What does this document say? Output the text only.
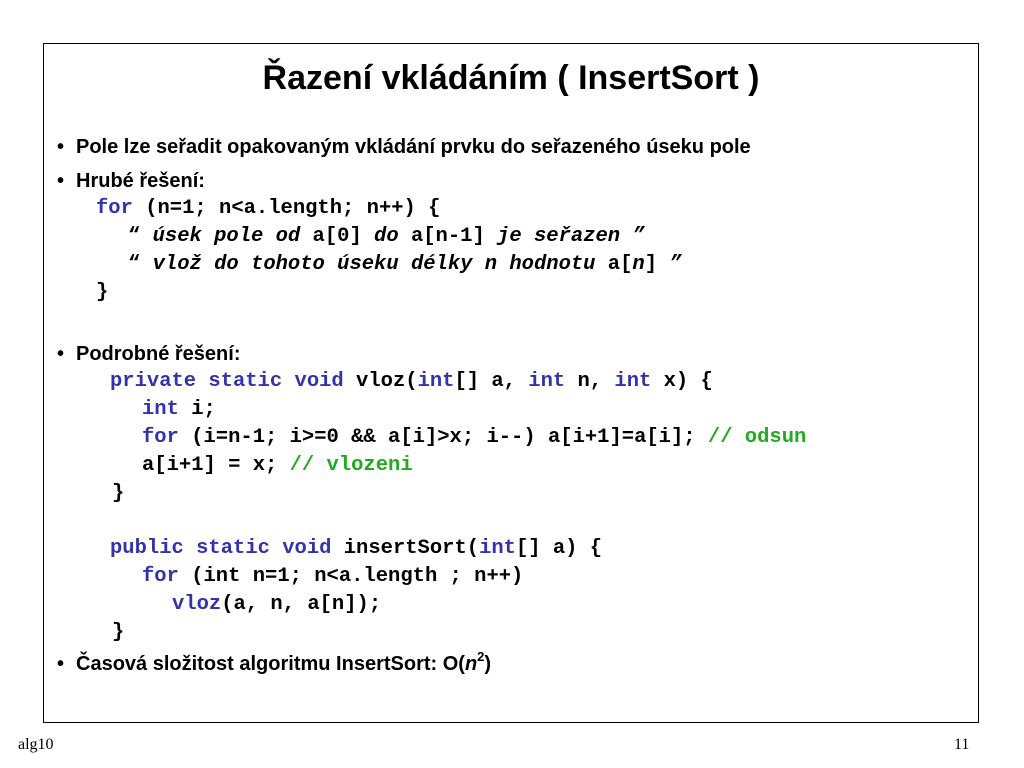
Řazení vkládáním ( InsertSort )
• Pole lze seřadit opakovaným vkládání prvku do seřazeného úseku pole
• Hrubé řešení:
for (n=1; n<a.length; n++) {
“ úsek pole od a[0] do a[n-1] je seřazen ”
“ vlož do tohoto úseku délky n hodnotu a[n] ”
}
• Podrobné řešení:
private static void vloz(int[] a, int n, int x) {
int i;
for (i=n-1; i>=0 && a[i]>x; i--) a[i+1]=a[i]; // odsun
a[i+1] = x; // vlozeni
}
public static void insertSort(int[] a) {
for (int n=1; n<a.length ; n++)
vloz(a, n, a[n]);
}
• Časová složitost algoritmu InsertSort: $O(n^2)$
alg10	11
